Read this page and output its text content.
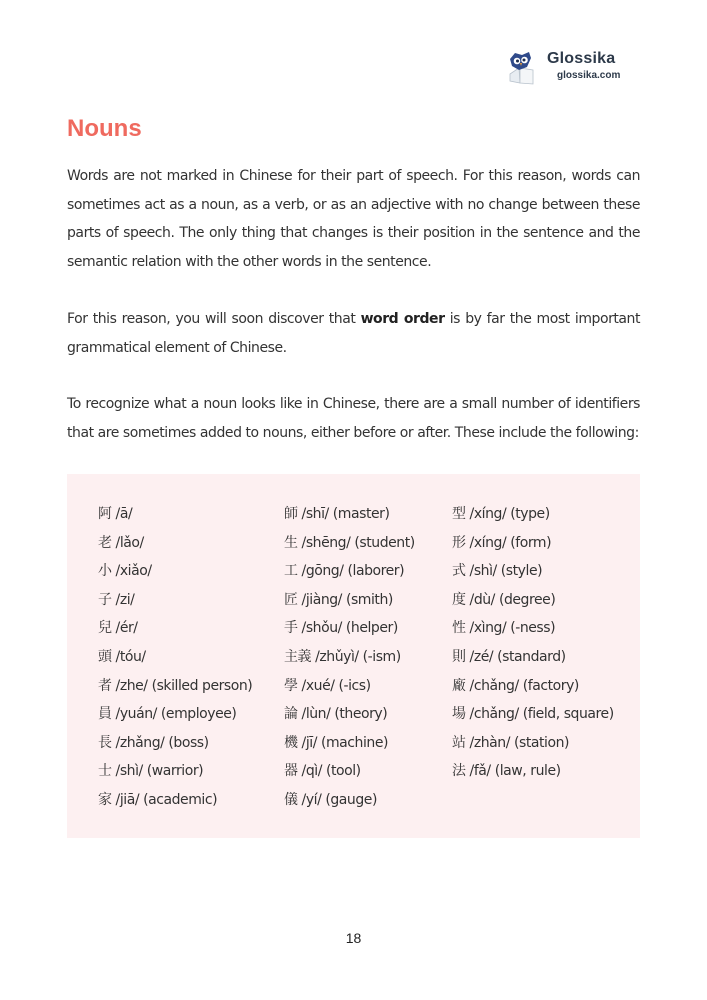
Glossika
glossika.com
Nouns

Words are not marked in Chinese for their part of speech. For this reason, words can sometimes act as a noun, as a verb, or as an adjective with no change between these parts of speech. The only thing that changes is their position in the sentence and the semantic relation with the other words in the sentence.

For this reason, you will soon discover that word order is by far the most important grammatical element of Chinese.

To recognize what a noun looks like in Chinese, there are a small number of identifiers that are sometimes added to nouns, either before or after. These include the following:

阿 /ā/
老 /lǎo/
小 /xiǎo/
子 /zi/
兒 /ér/
頭 /tóu/
者 /zhe/ (skilled person)
員 /yuán/ (employee)
長 /zhǎng/ (boss)
士 /shì/ (warrior)
家 /jiā/ (academic)
師 /shī/ (master)
生 /shēng/ (student)
工 /gōng/ (laborer)
匠 /jiàng/ (smith)
手 /shǒu/ (helper)
主義 /zhǔyì/ (-ism)
學 /xué/ (-ics)
論 /lùn/ (theory)
機 /jī/ (machine)
器 /qì/ (tool)
儀 /yí/ (gauge)
型 /xíng/ (type)
形 /xíng/ (form)
式 /shì/ (style)
度 /dù/ (degree)
性 /xìng/ (-ness)
則 /zé/ (standard)
廠 /chǎng/ (factory)
場 /chǎng/ (field, square)
站 /zhàn/ (station)
法 /fǎ/ (law, rule)
18
